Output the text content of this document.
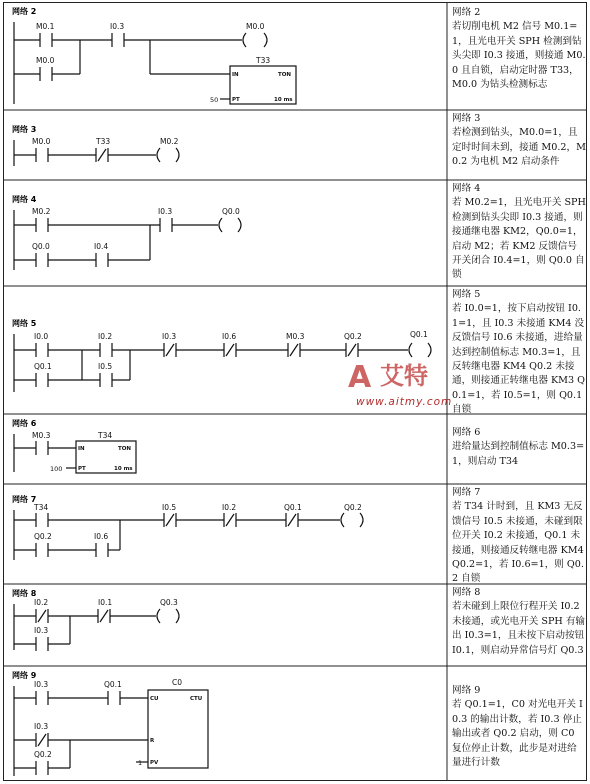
网络 2
网络 3
网络 4
网络 5
网络 6
网络 7
网络 8
网络 9
M0.1	I0.3
M0.0
M0.0
T33
50
M0.0	T33	M0.2
M0.2	I0.3
Q0.0	I0.4
Q0.0
I0.0	I0.2	I0.3	I0.6	M0.3	Q0.2
Q0.1	I0.5
Q0.1
M0.3	T34
100
T34	I0.5	I0.2	Q0.1
Q0.2	I0.6
Q0.2
I0.2	I0.1
I0.3
Q0.3
I0.3	Q0.1
I0.3
Q0.2
C0
1
IN	TON
PT	10 ms
IN	TON
PT	10 ms
CU	CTU
R
PV
网络 2
若切削电机 M2 信号 M0.1=1，且光电开关 SPH 检测到钻头尖即 I0.3 接通，则接通 M0.0 且自锁，启动定时器 T33，M0.0 为钻头检测标志
网络 3
若检测到钻头，M0.0=1，且定时时间未到，接通 M0.2，M0.2 为电机 M2 启动条件
网络 4
若 M0.2=1，且光电开关 SPH 检测到钻头尖即 I0.3 接通，则接通继电器 KM2，Q0.0=1，启动 M2；若 KM2 反馈信号开关闭合 I0.4=1，则 Q0.0 自锁
网络 5
若 I0.0=1，按下启动按钮 I0.1=1，且 I0.3 未接通 KM4 没反馈信号 I0.6 未接通，进给量达到控制值标志 M0.3=1，且反转继电器 KM4 Q0.2 未接通，则接通正转继电器 KM3 Q0.1=1，若 I0.5=1，则 Q0.1 自锁
网络 6
进给量达到控制值标志 M0.3=1，则启动 T34
网络 7
若 T34 计时到，且 KM3 无反馈信号 I0.5 未接通，未碰到限位开关 I0.2 未接通，Q0.1 未接通，则接通反转继电器 KM4 Q0.2=1，若 I0.6=1，则 Q0.2 自锁
网络 8
若未碰到上限位行程开关 I0.2 未接通，或光电开关 SPH 有输出 I0.3=1，且未按下启动按钮 I0.1，则启动异常信号灯 Q0.3
网络 9
若 Q0.1=1，C0 对光电开关 I0.3 的输出计数，若 I0.3 停止输出或者 Q0.2 启动，则 C0 复位停止计数，此步是对进给量进行计数
A 艾特
www.aitmy.com
